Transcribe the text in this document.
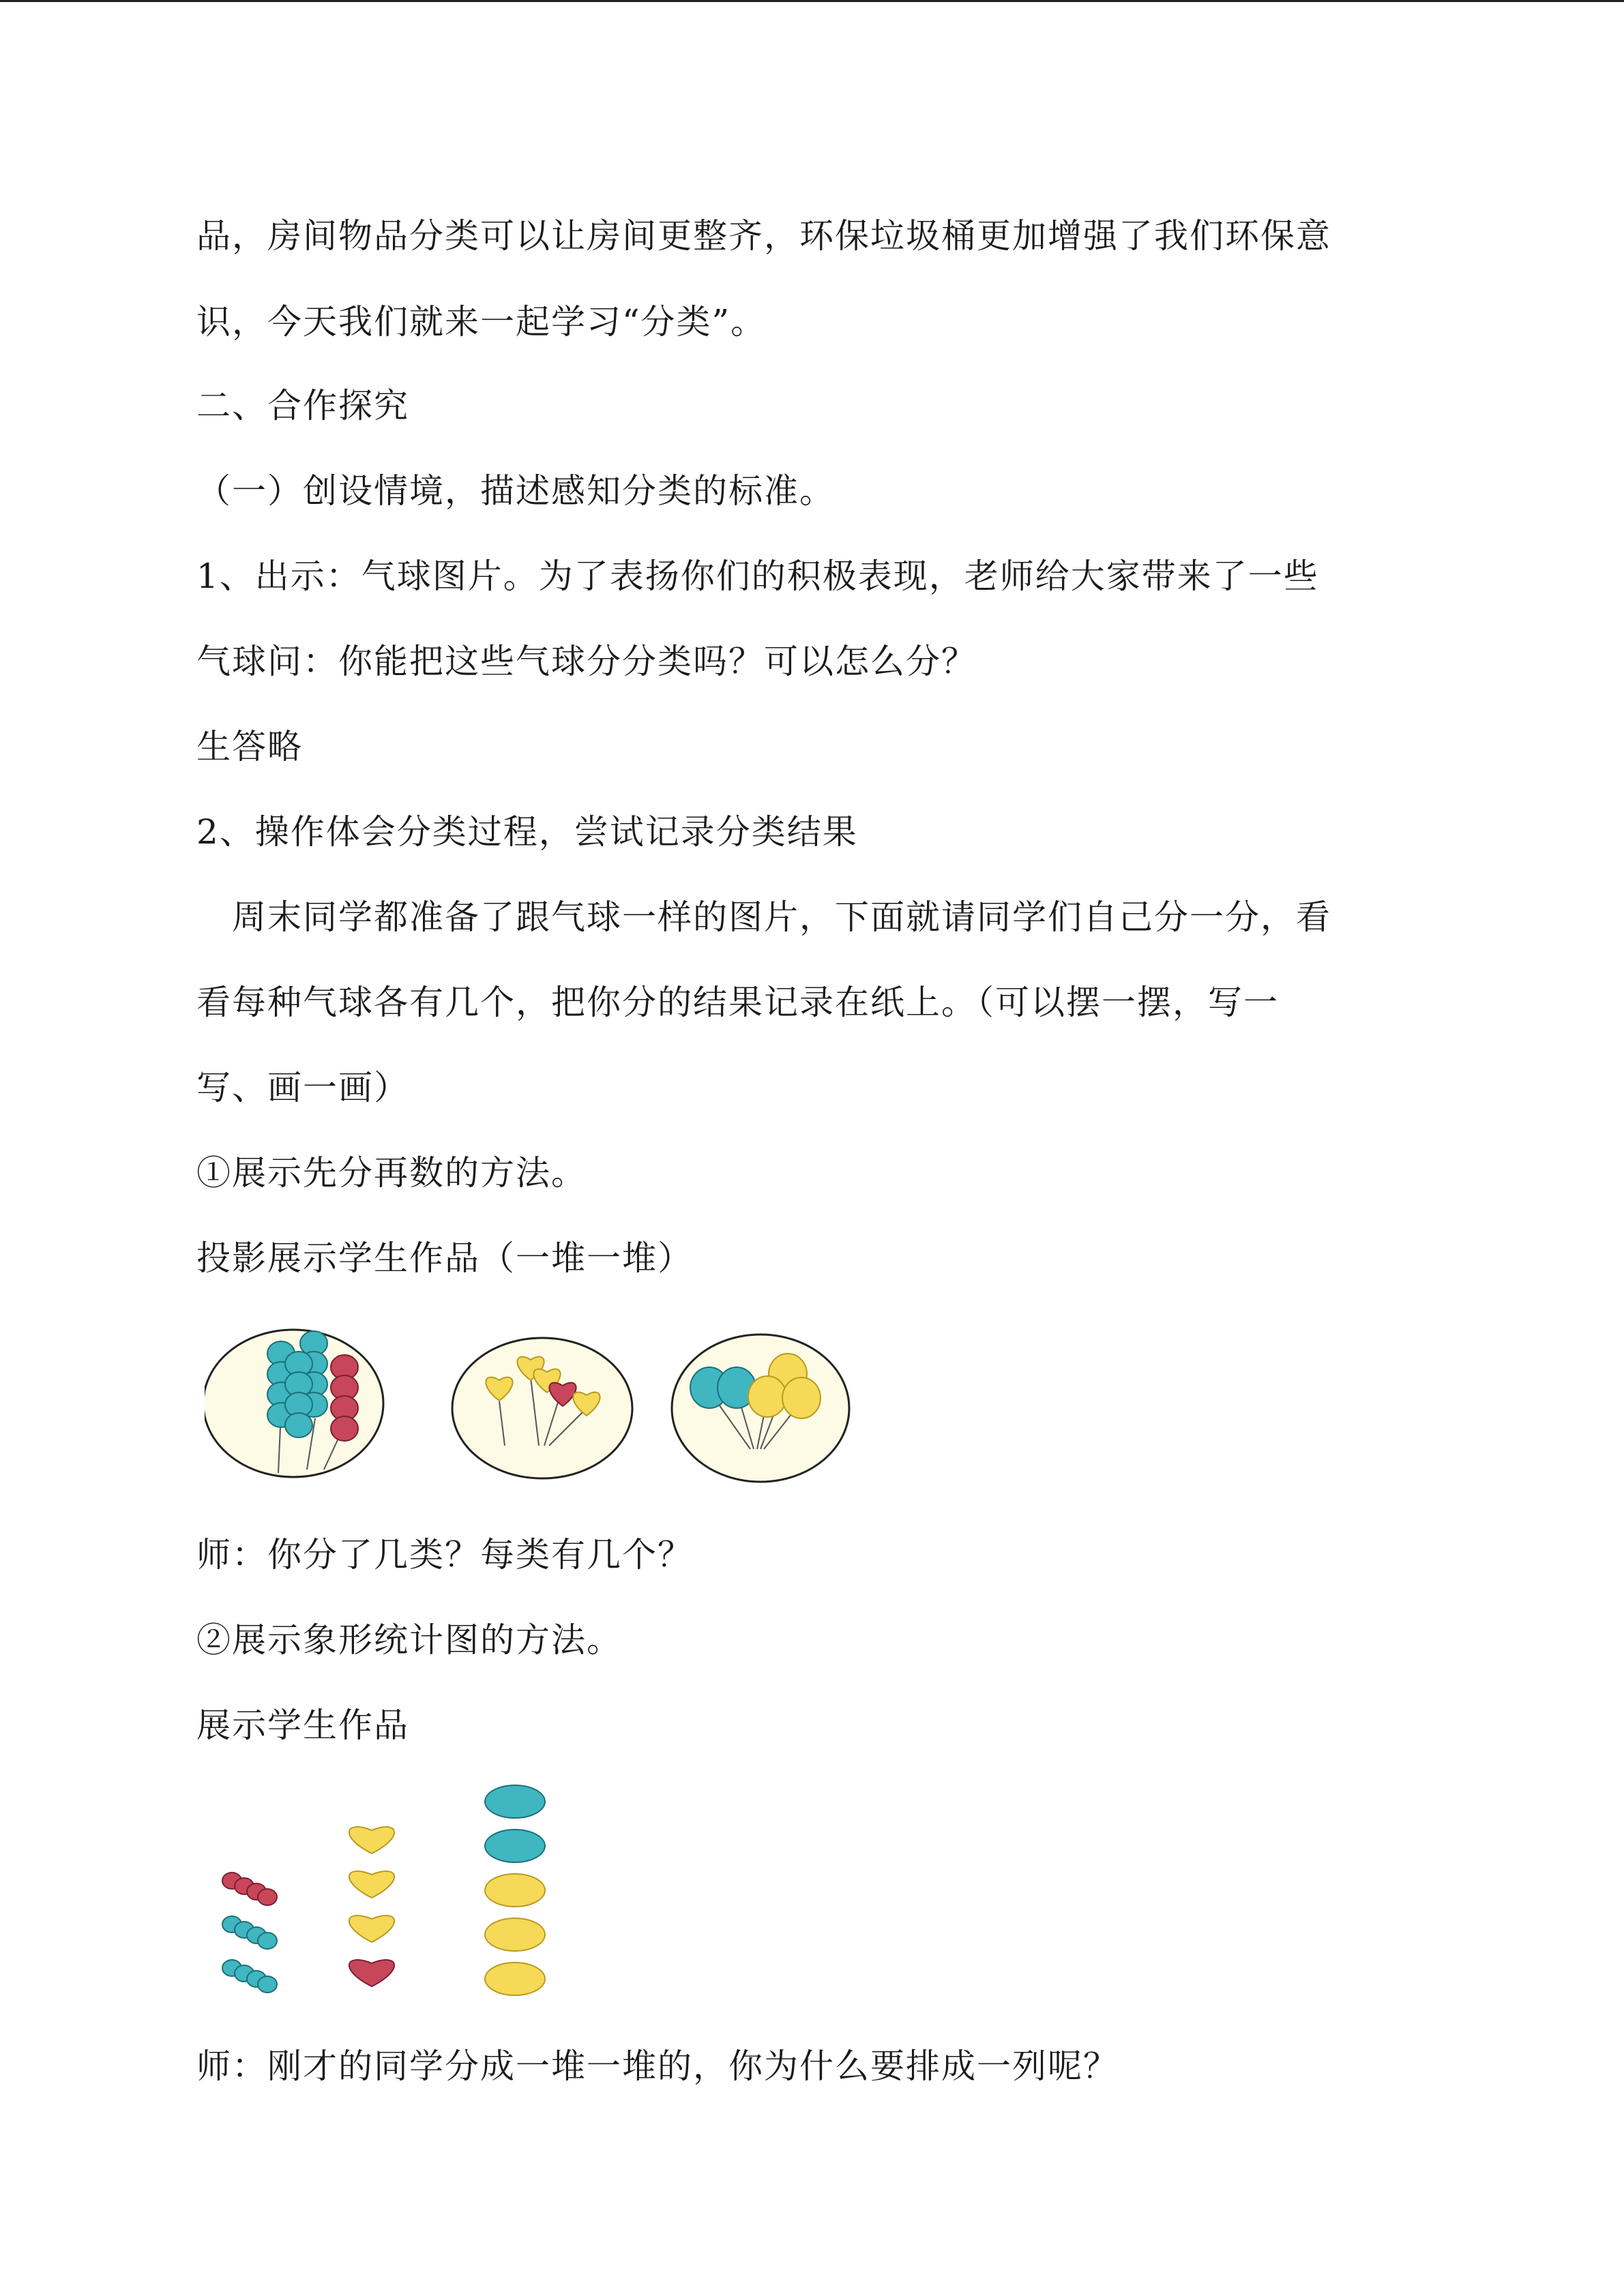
品，房间物品分类可以让房间更整齐，环保垃圾桶更加增强了我们环保意

识，今天我们就来一起学习“分类”。

二、合作探究

（一）创设情境，描述感知分类的标准。

1、出示：气球图片。为了表扬你们的积极表现，老师给大家带来了一些

气球问：你能把这些气球分分类吗？可以怎么分？

生答略

2、操作体会分类过程，尝试记录分类结果

周末同学都准备了跟气球一样的图片，下面就请同学们自己分一分，看

看每种气球各有几个，把你分的结果记录在纸上。（可以摆一摆，写一

写、画一画）

①展示先分再数的方法。

投影展示学生作品（一堆一堆）

师：你分了几类？每类有几个？

②展示象形统计图的方法。

展示学生作品

师：刚才的同学分成一堆一堆的，你为什么要排成一列呢？
